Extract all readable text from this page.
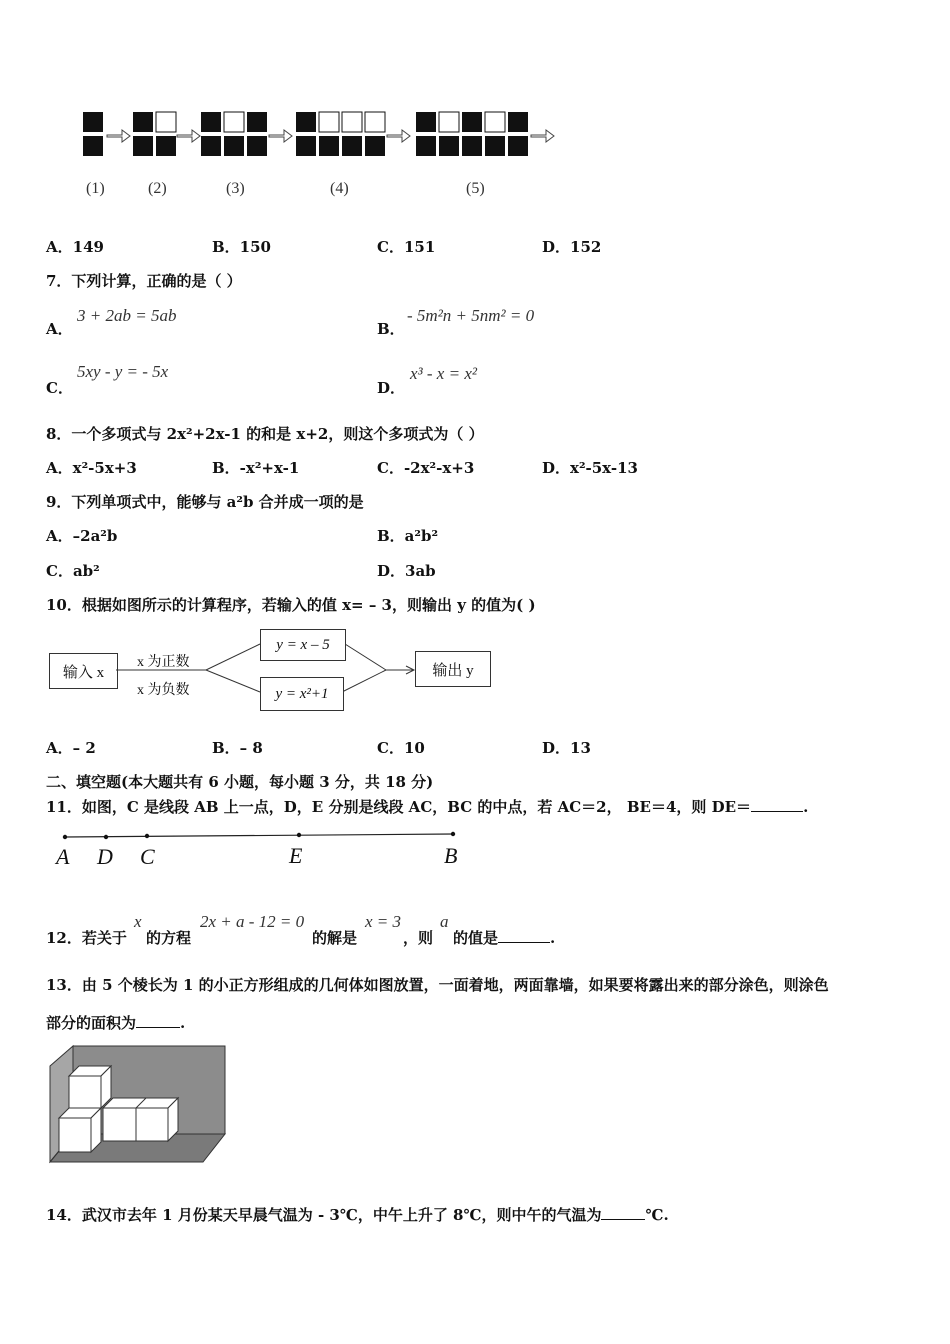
(1)	(2)	(3)	(4)	(5)
A．149	B．150	C．151	D．152
7．下列计算，正确的是（ ）
A．
3 + 2ab = 5ab
B．
- 5m²n + 5nm² = 0
C．
5xy - y = - 5x
D．
x³ - x = x²
8．一个多项式与 2x²+2x-1 的和是 x+2，则这个多项式为（ ）
A．x²-5x+3	B．-x²+x-1	C．-2x²-x+3	D．x²-5x-13
9．下列单项式中，能够与 a²b 合并成一项的是
A．–2a²b	B．a²b²
C．ab²	D．3ab
10．根据如图所示的计算程序，若输入的值 x= – 3，则输出 y 的值为( )
输入 x
x 为正数
x 为负数
y = x – 5
y = x²+1
输出 y
A．– 2	B．– 8	C．10	D．13
二、填空题(本大题共有 6 小题，每小题 3 分，共 18 分)
11．如图，C 是线段 AB 上一点，D，E 分别是线段 AC，BC 的中点，若 AC＝2， BE＝4，则 DE＝	.
A D C	E	B
12．若关于
x
的方程
2x + a - 12 = 0
的解是
x = 3
，则
a
的值是	.
13．由 5 个棱长为 1 的小正方形组成的几何体如图放置，一面着地，两面靠墙，如果要将露出来的部分涂色，则涂色
部分的面积为	.
14．武汉市去年 1 月份某天早晨气温为 - 3℃，中午上升了 8℃，则中午的气温为	℃.
